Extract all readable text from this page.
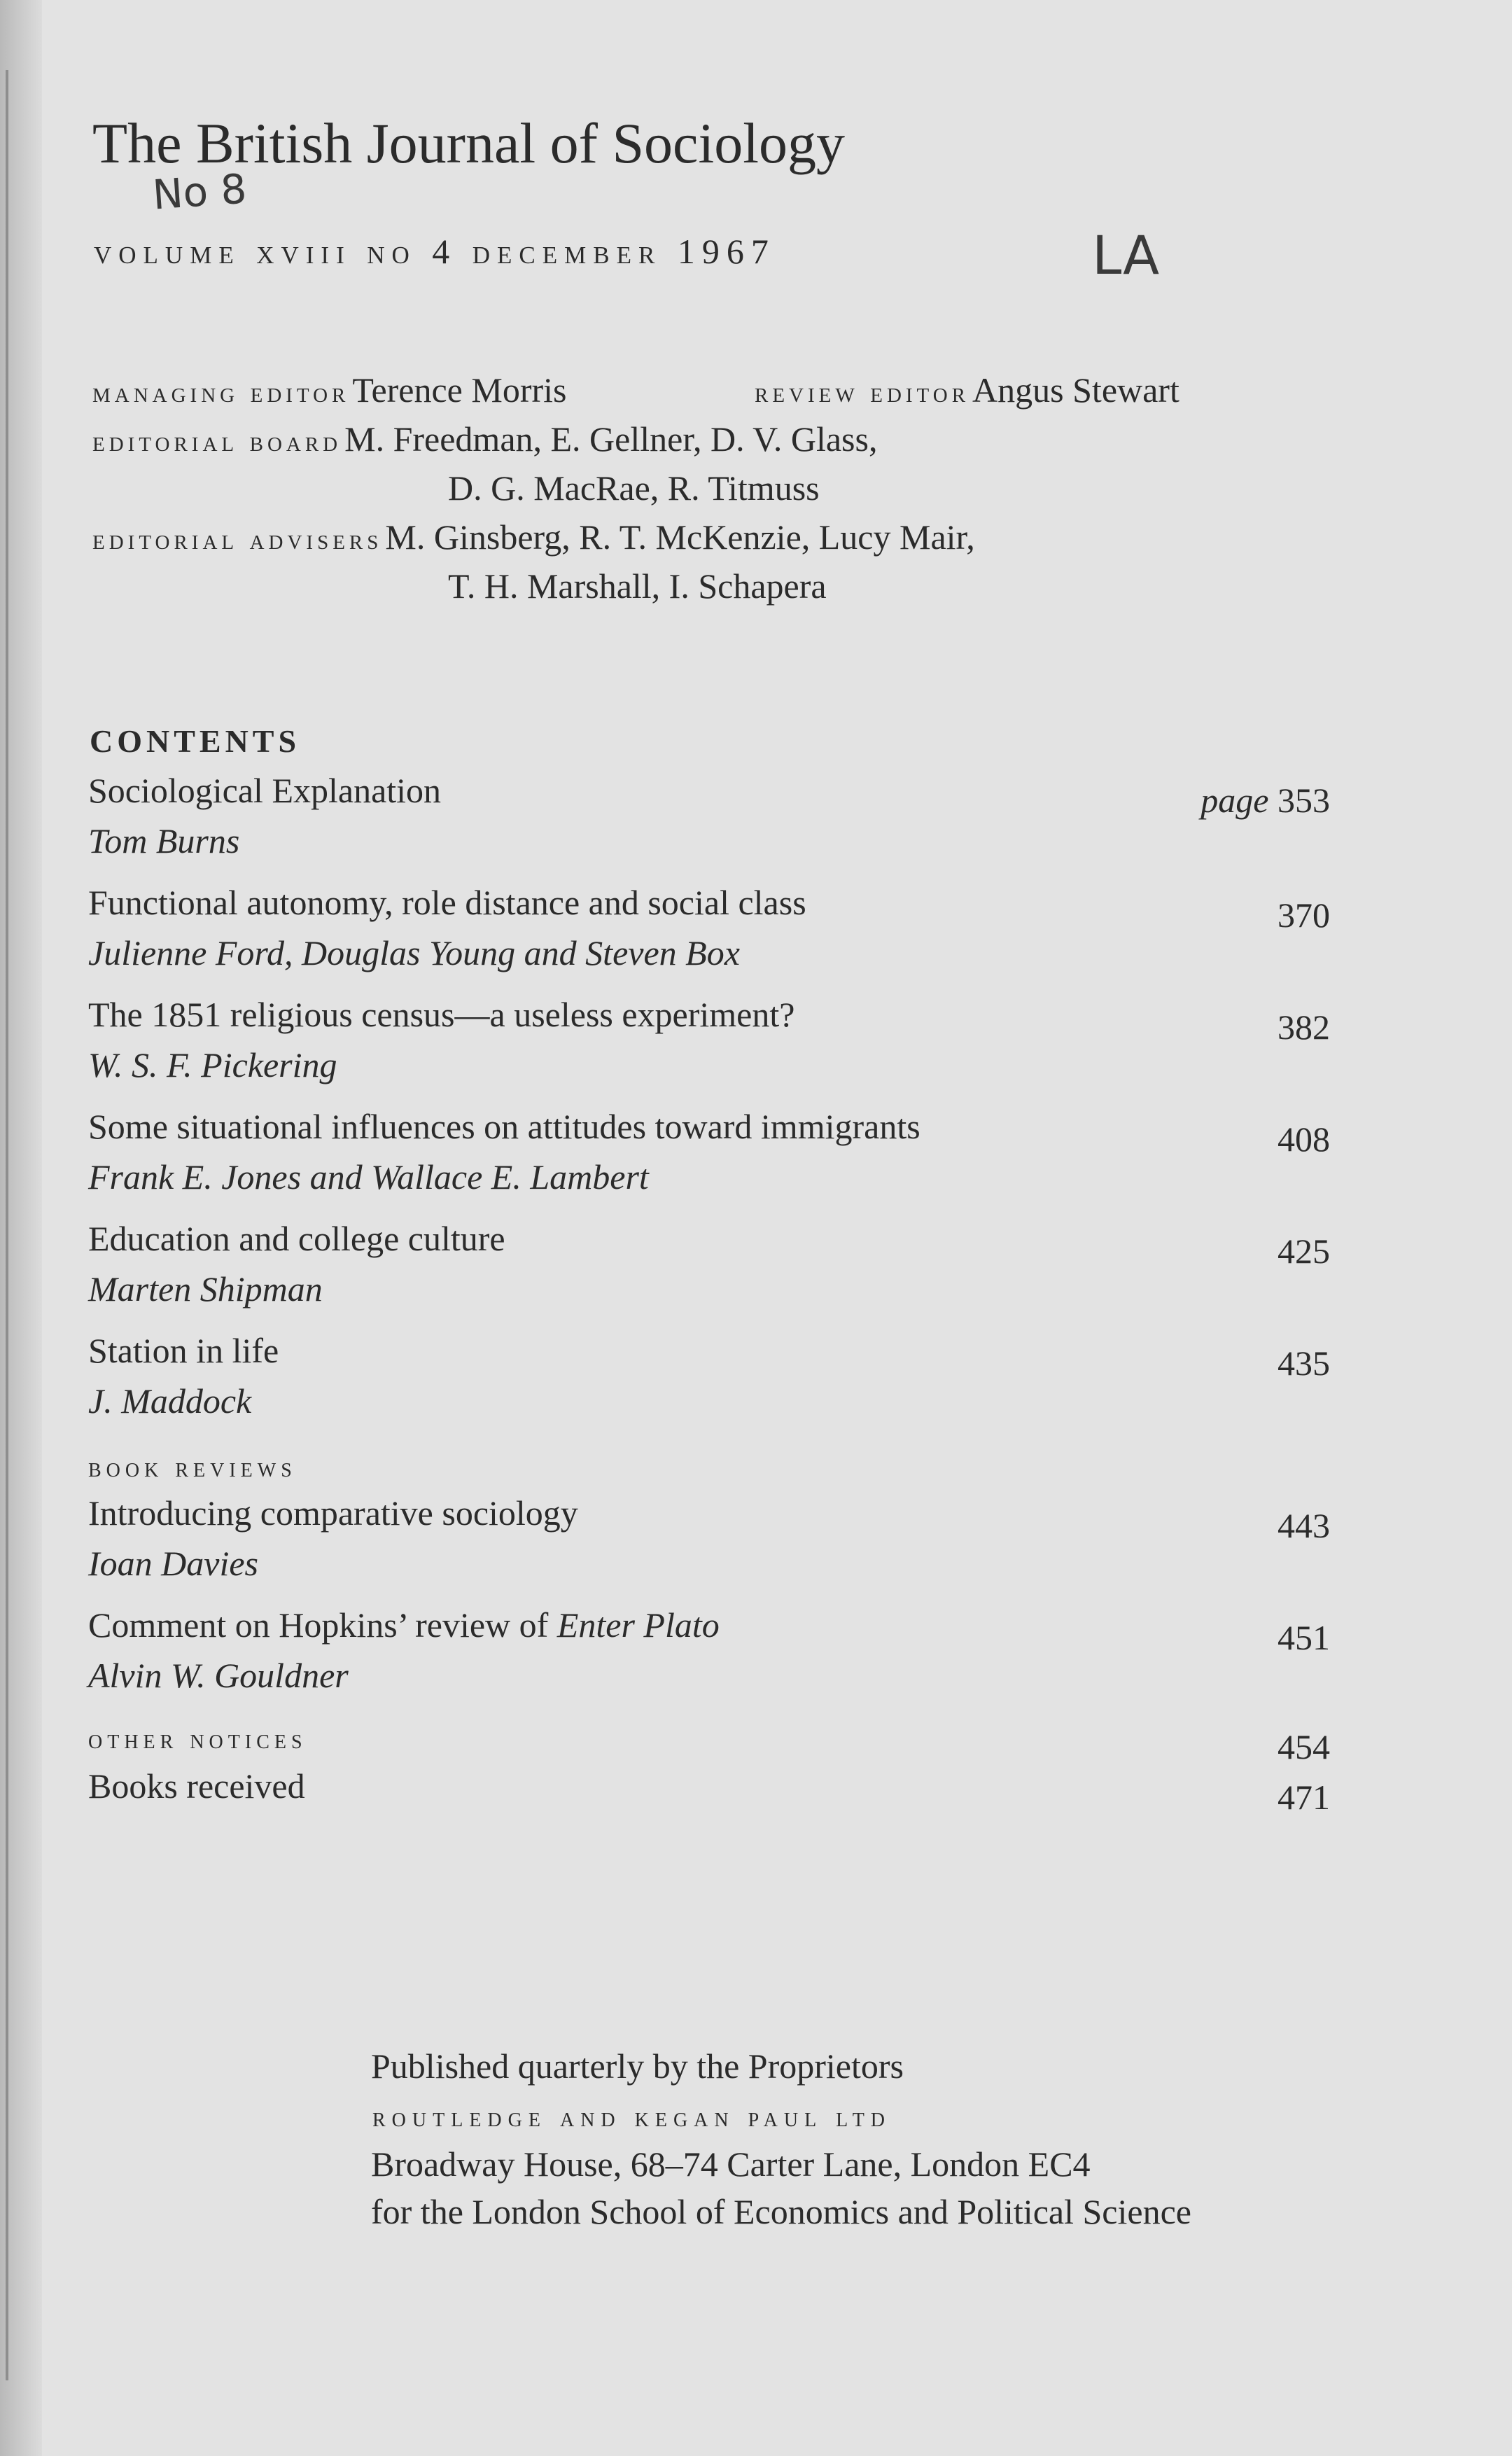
The British Journal of Sociology
No 8
volume xviii no 4 december 1967	LA
managing editor Terence Morris	review editor Angus Stewart
editorial board M. Freedman, E. Gellner, D. V. Glass,
D. G. MacRae, R. Titmuss
editorial advisers M. Ginsberg, R. T. McKenzie, Lucy Mair,
T. H. Marshall, I. Schapera
CONTENTS
Sociological Explanation	page 353
Tom Burns
Functional autonomy, role distance and social class	370
Julienne Ford, Douglas Young and Steven Box
The 1851 religious census—a useless experiment?	382
W. S. F. Pickering
Some situational influences on attitudes toward immigrants	408
Frank E. Jones and Wallace E. Lambert
Education and college culture	425
Marten Shipman
Station in life	435
J. Maddock
book reviews
Introducing comparative sociology	443
Ioan Davies
Comment on Hopkins’ review of Enter Plato	451
Alvin W. Gouldner
other notices	454
Books received	471
Published quarterly by the Proprietors
routledge and kegan paul ltd
Broadway House, 68–74 Carter Lane, London EC4
for the London School of Economics and Political Science
